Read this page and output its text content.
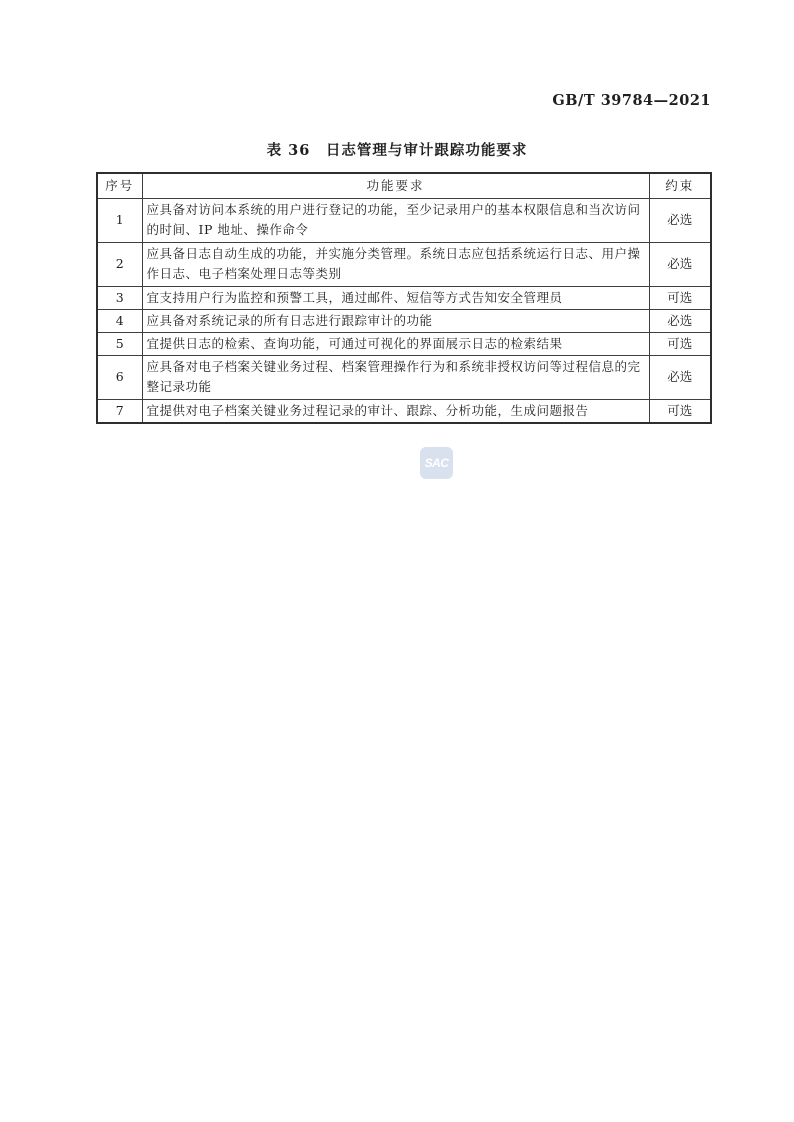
GB/T 39784—2021
表 36　日志管理与审计跟踪功能要求
序号	功能要求	约束
1	应具备对访问本系统的用户进行登记的功能，至少记录用户的基本权限信息和当次访问的时间、IP 地址、操作命令	必选
2	应具备日志自动生成的功能，并实施分类管理。系统日志应包括系统运行日志、用户操作日志、电子档案处理日志等类别	必选
3	宜支持用户行为监控和预警工具，通过邮件、短信等方式告知安全管理员	可选
4	应具备对系统记录的所有日志进行跟踪审计的功能	必选
5	宜提供日志的检索、查询功能，可通过可视化的界面展示日志的检索结果	可选
6	应具备对电子档案关键业务过程、档案管理操作行为和系统非授权访问等过程信息的完整记录功能	必选
7	宜提供对电子档案关键业务过程记录的审计、跟踪、分析功能，生成问题报告	可选
SAC
